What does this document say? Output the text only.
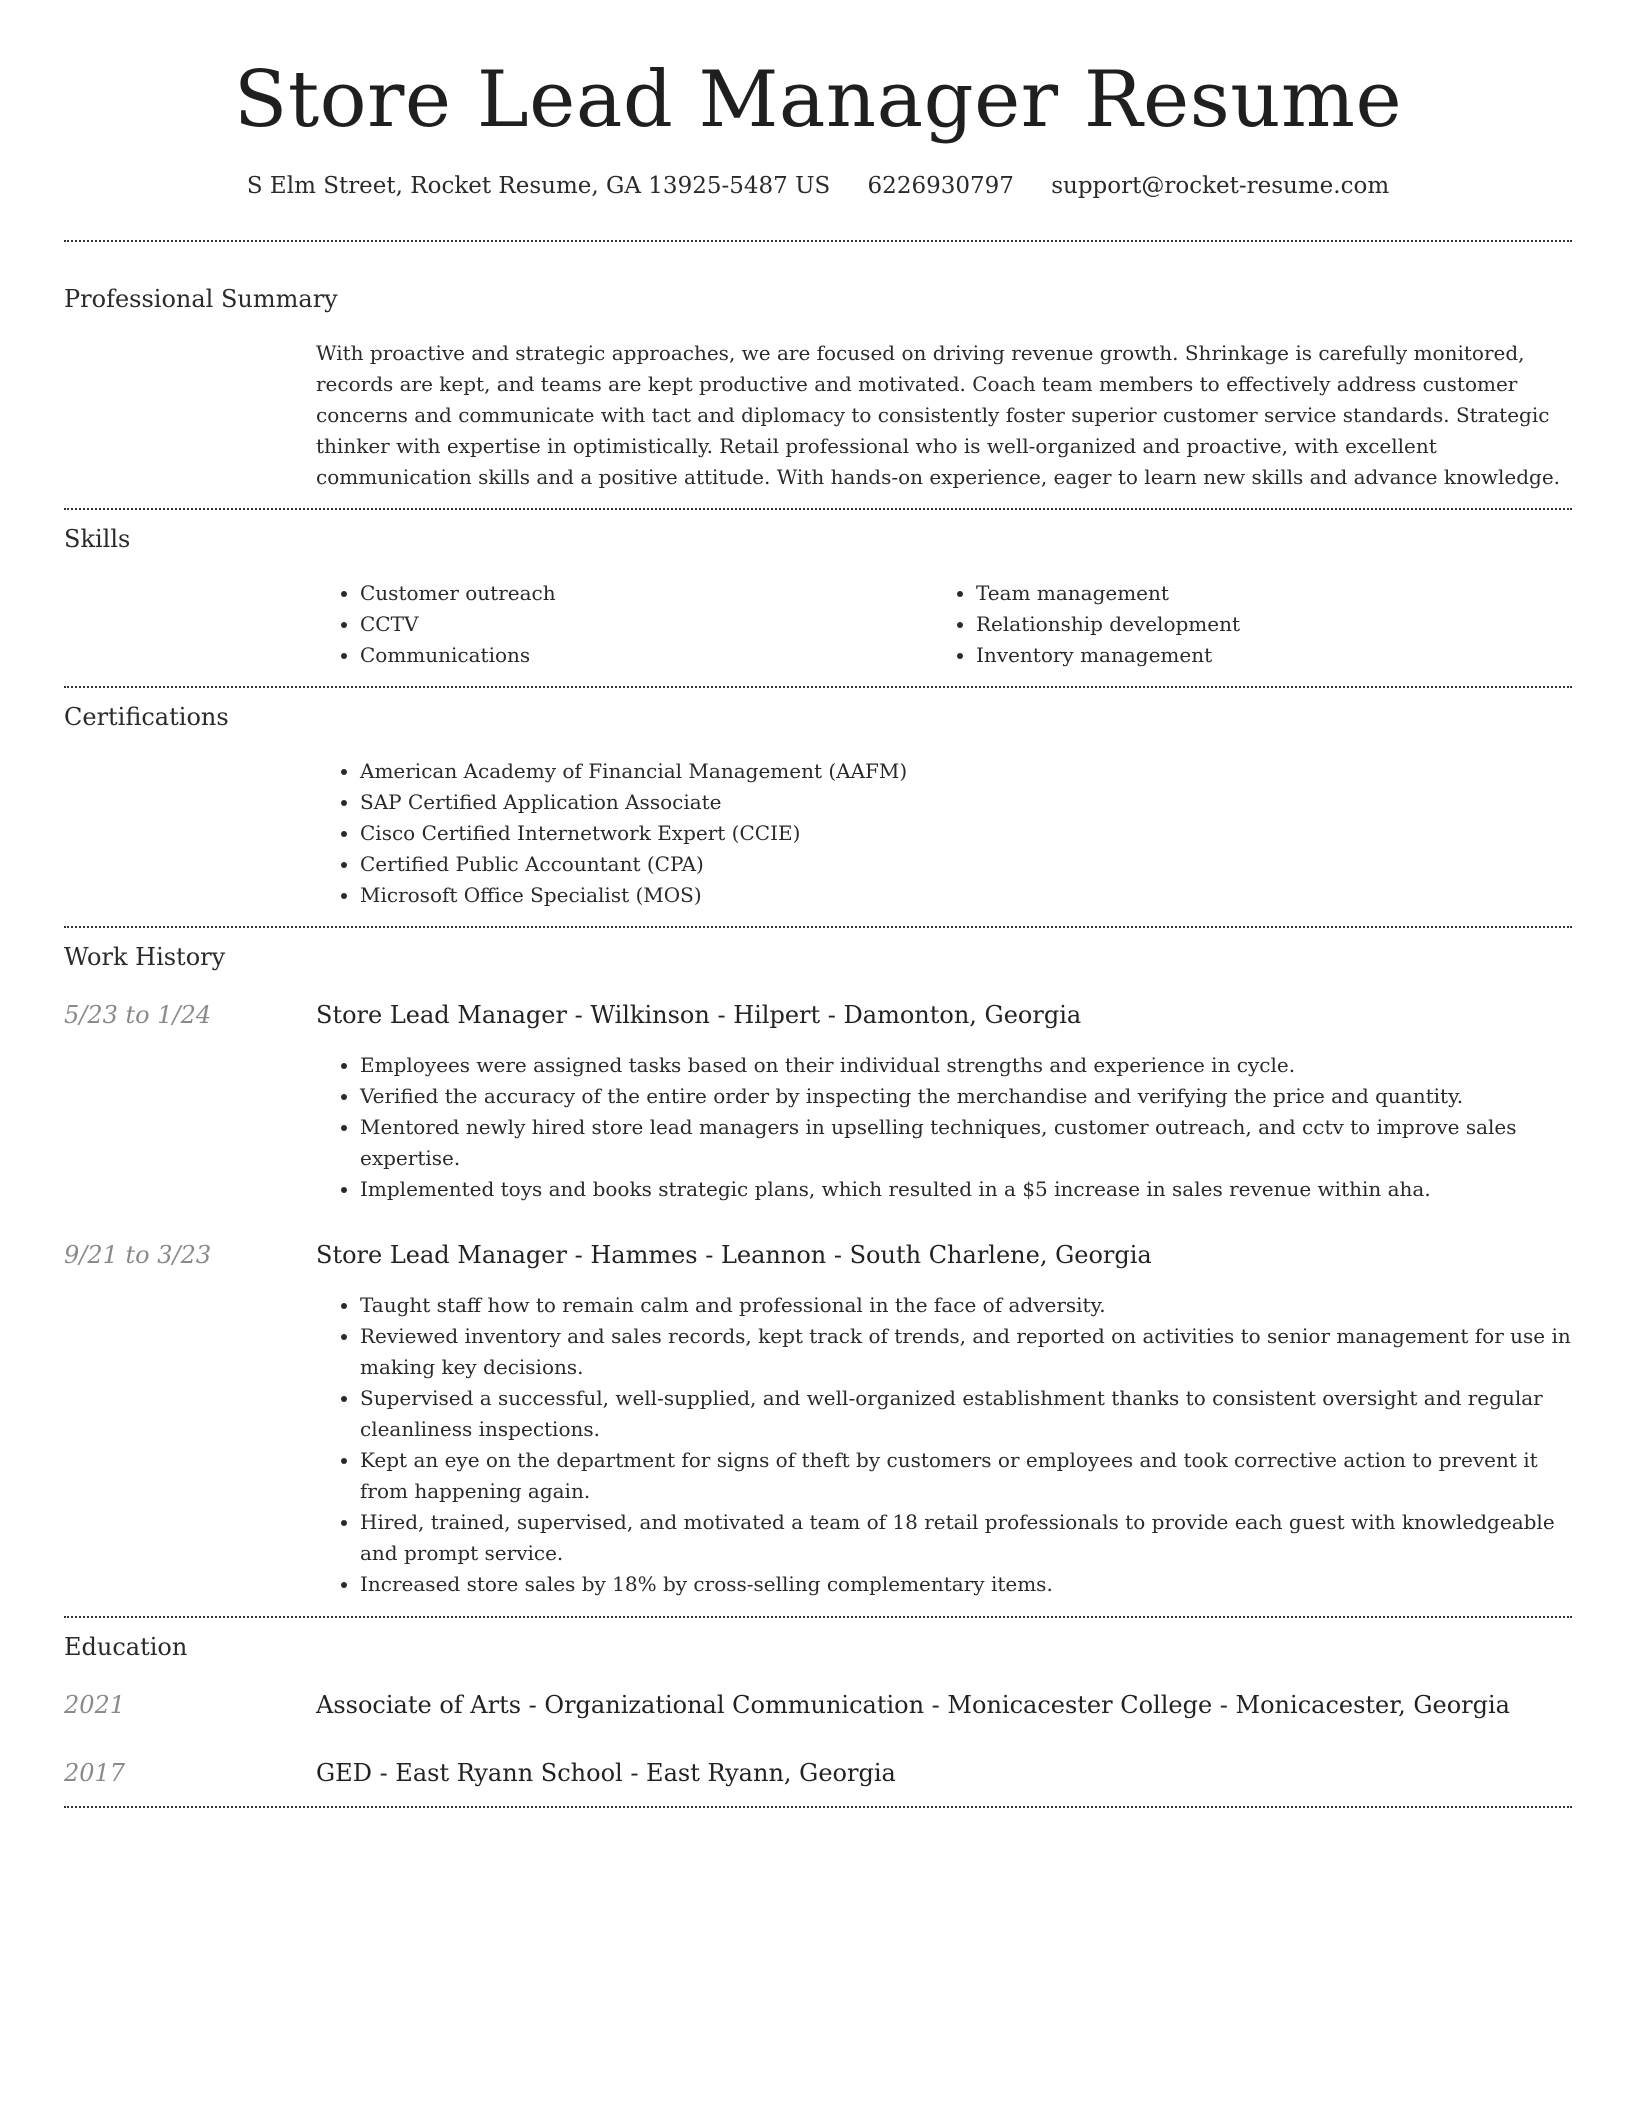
Store Lead Manager Resume
S Elm Street, Rocket Resume, GA 13925-5487 US 6226930797 support@rocket-resume.com
Professional Summary
With proactive and strategic approaches, we are focused on driving revenue growth. Shrinkage is carefully monitored, records are kept, and teams are kept productive and motivated. Coach team members to effectively address customer concerns and communicate with tact and diplomacy to consistently foster superior customer service standards. Strategic thinker with expertise in optimistically. Retail professional who is well-organized and proactive, with excellent communication skills and a positive attitude. With hands-on experience, eager to learn new skills and advance knowledge.
Skills
• Customer outreach
• CCTV
• Communications
• Team management
• Relationship development
• Inventory management
Certifications
• American Academy of Financial Management (AAFM)
• SAP Certified Application Associate
• Cisco Certified Internetwork Expert (CCIE)
• Certified Public Accountant (CPA)
• Microsoft Office Specialist (MOS)
Work History
5/23 to 1/24	Store Lead Manager - Wilkinson - Hilpert - Damonton, Georgia
• Employees were assigned tasks based on their individual strengths and experience in cycle.
• Verified the accuracy of the entire order by inspecting the merchandise and verifying the price and quantity.
• Mentored newly hired store lead managers in upselling techniques, customer outreach, and cctv to improve sales expertise.
• Implemented toys and books strategic plans, which resulted in a $5 increase in sales revenue within aha.
9/21 to 3/23	Store Lead Manager - Hammes - Leannon - South Charlene, Georgia
• Taught staff how to remain calm and professional in the face of adversity.
• Reviewed inventory and sales records, kept track of trends, and reported on activities to senior management for use in making key decisions.
• Supervised a successful, well-supplied, and well-organized establishment thanks to consistent oversight and regular cleanliness inspections.
• Kept an eye on the department for signs of theft by customers or employees and took corrective action to prevent it from happening again.
• Hired, trained, supervised, and motivated a team of 18 retail professionals to provide each guest with knowledgeable and prompt service.
• Increased store sales by 18% by cross-selling complementary items.
Education
2021	Associate of Arts - Organizational Communication - Monicacester College - Monicacester, Georgia
2017	GED - East Ryann School - East Ryann, Georgia
